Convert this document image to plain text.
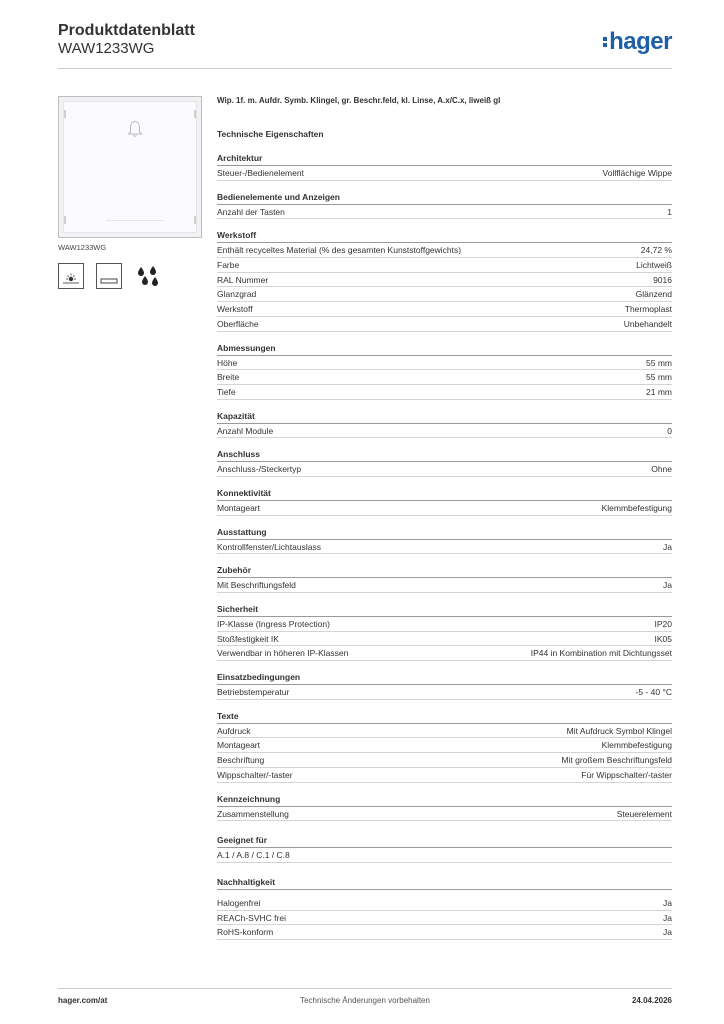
Produktdatenblatt
WAW1233WG	hager
WAW1233WG

Wip. 1f. m. Aufdr. Symb. Klingel, gr. Beschr.feld, kl. Linse, A.x/C.x, liweiß gl
Technische Eigenschaften
Architektur
Steuer-/Bedienelement	Vollflächige Wippe
Bedienelemente und Anzeigen
Anzahl der Tasten	1
Werkstoff
Enthält recyceltes Material (% des gesamten Kunststoffgewichts)	24,72 %
Farbe	Lichtweiß
RAL Nummer	9016
Glanzgrad	Glänzend
Werkstoff	Thermoplast
Oberfläche	Unbehandelt
Abmessungen
Höhe	55 mm
Breite	55 mm
Tiefe	21 mm
Kapazität
Anzahl Module	0
Anschluss
Anschluss-/Steckertyp	Ohne
Konnektivität
Montageart	Klemmbefestigung
Ausstattung
Kontrollfenster/Lichtauslass	Ja
Zubehör
Mit Beschriftungsfeld	Ja
Sicherheit
IP-Klasse (Ingress Protection)	IP20
Stoßfestigkeit IK	IK05
Verwendbar in höheren IP-Klassen	IP44 in Kombination mit Dichtungsset
Einsatzbedingungen
Betriebstemperatur	-5 - 40 °C
Texte
Aufdruck	Mit Aufdruck Symbol Klingel
Montageart	Klemmbefestigung
Beschriftung	Mit großem Beschriftungsfeld
Wippschalter/-taster	Für Wippschalter/-taster
Kennzeichnung
Zusammenstellung	Steuerelement
Geeignet für
A.1 / A.8 / C.1 / C.8
Nachhaltigkeit
Halogenfrei	Ja
REACh-SVHC frei	Ja
RoHS-konform	Ja
hager.com/at	Technische Änderungen vorbehalten	24.04.2026
